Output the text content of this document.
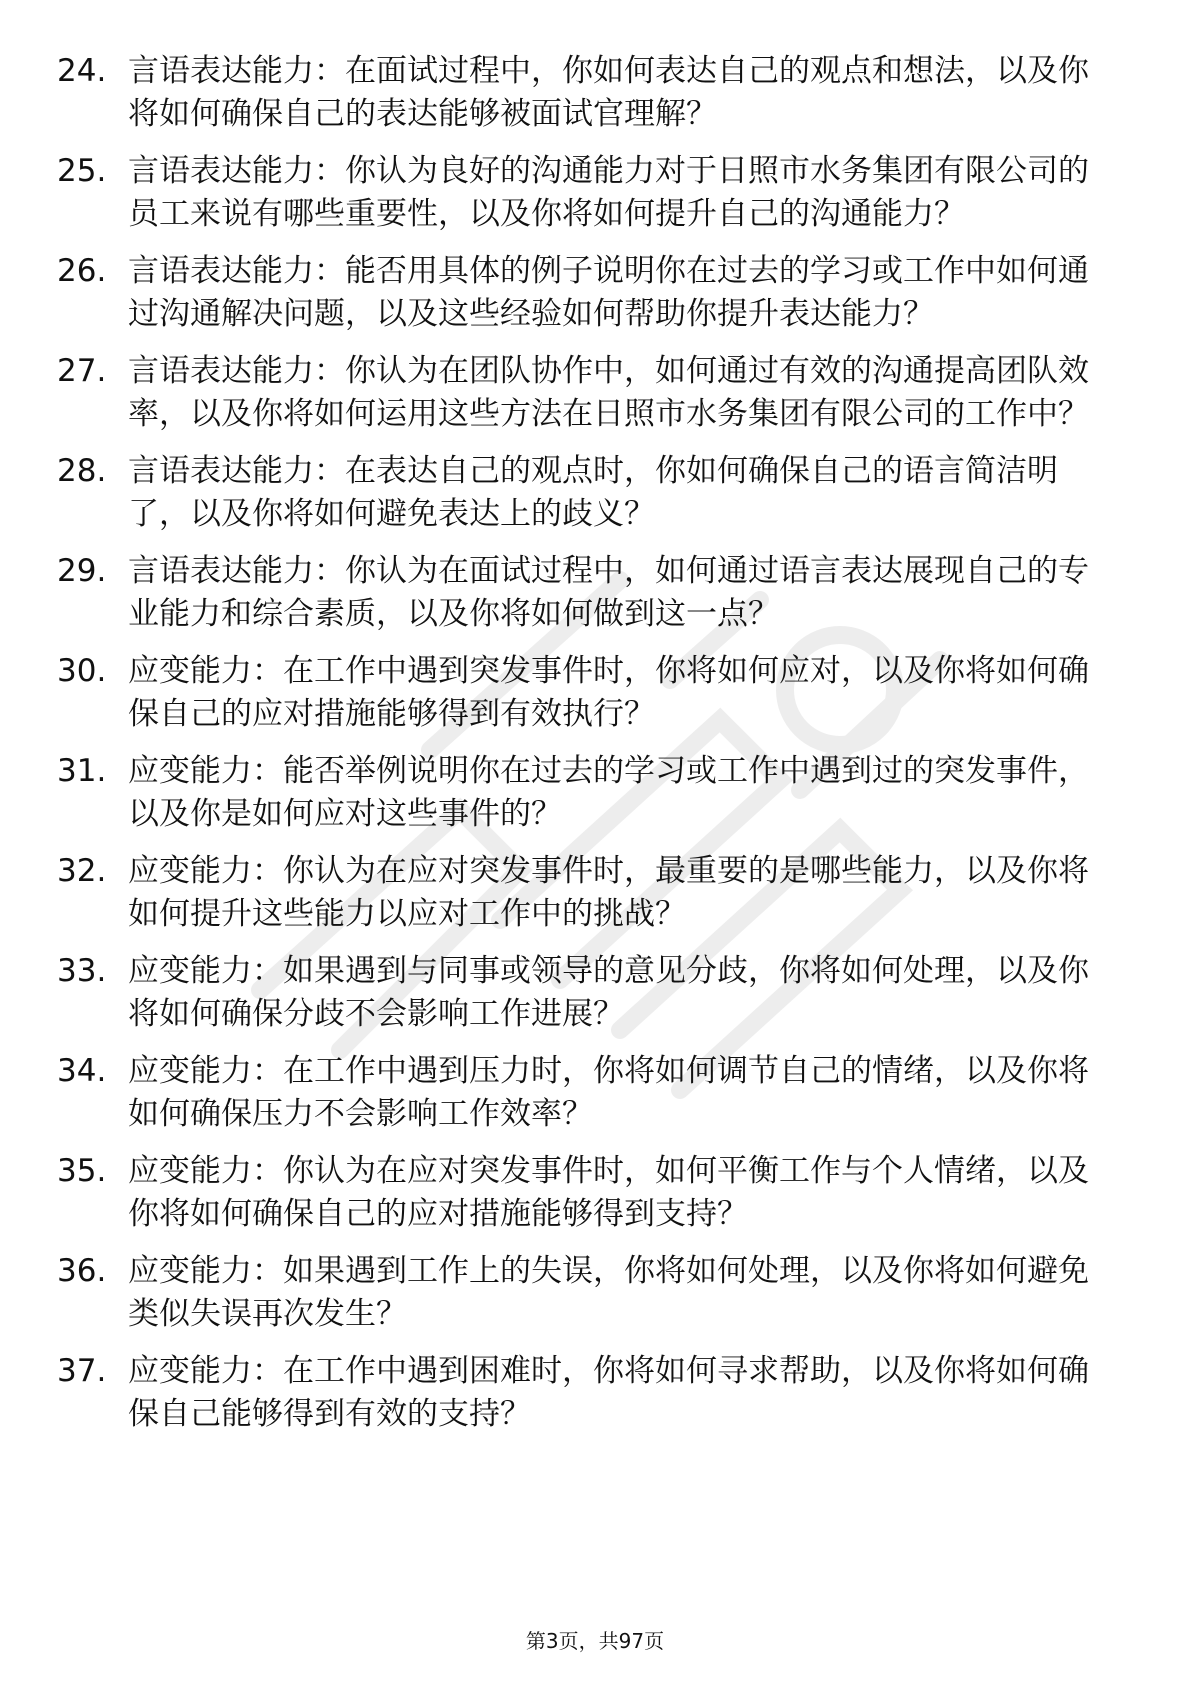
24. 言语表达能力：在面试过程中，你如何表达自己的观点和想法，以及你将如何确保自己的表达能够被面试官理解？
25. 言语表达能力：你认为良好的沟通能力对于日照市水务集团有限公司的员工来说有哪些重要性，以及你将如何提升自己的沟通能力？
26. 言语表达能力：能否用具体的例子说明你在过去的学习或工作中如何通过沟通解决问题，以及这些经验如何帮助你提升表达能力？
27. 言语表达能力：你认为在团队协作中，如何通过有效的沟通提高团队效率，以及你将如何运用这些方法在日照市水务集团有限公司的工作中？
28. 言语表达能力：在表达自己的观点时，你如何确保自己的语言简洁明了，以及你将如何避免表达上的歧义？
29. 言语表达能力：你认为在面试过程中，如何通过语言表达展现自己的专业能力和综合素质，以及你将如何做到这一点？
30. 应变能力：在工作中遇到突发事件时，你将如何应对，以及你将如何确保自己的应对措施能够得到有效执行？
31. 应变能力：能否举例说明你在过去的学习或工作中遇到过的突发事件，以及你是如何应对这些事件的？
32. 应变能力：你认为在应对突发事件时，最重要的是哪些能力，以及你将如何提升这些能力以应对工作中的挑战？
33. 应变能力：如果遇到与同事或领导的意见分歧，你将如何处理，以及你将如何确保分歧不会影响工作进展？
34. 应变能力：在工作中遇到压力时，你将如何调节自己的情绪，以及你将如何确保压力不会影响工作效率？
35. 应变能力：你认为在应对突发事件时，如何平衡工作与个人情绪，以及你将如何确保自己的应对措施能够得到支持？
36. 应变能力：如果遇到工作上的失误，你将如何处理，以及你将如何避免类似失误再次发生？
37. 应变能力：在工作中遇到困难时，你将如何寻求帮助，以及你将如何确保自己能够得到有效的支持？
第3页，共97页
